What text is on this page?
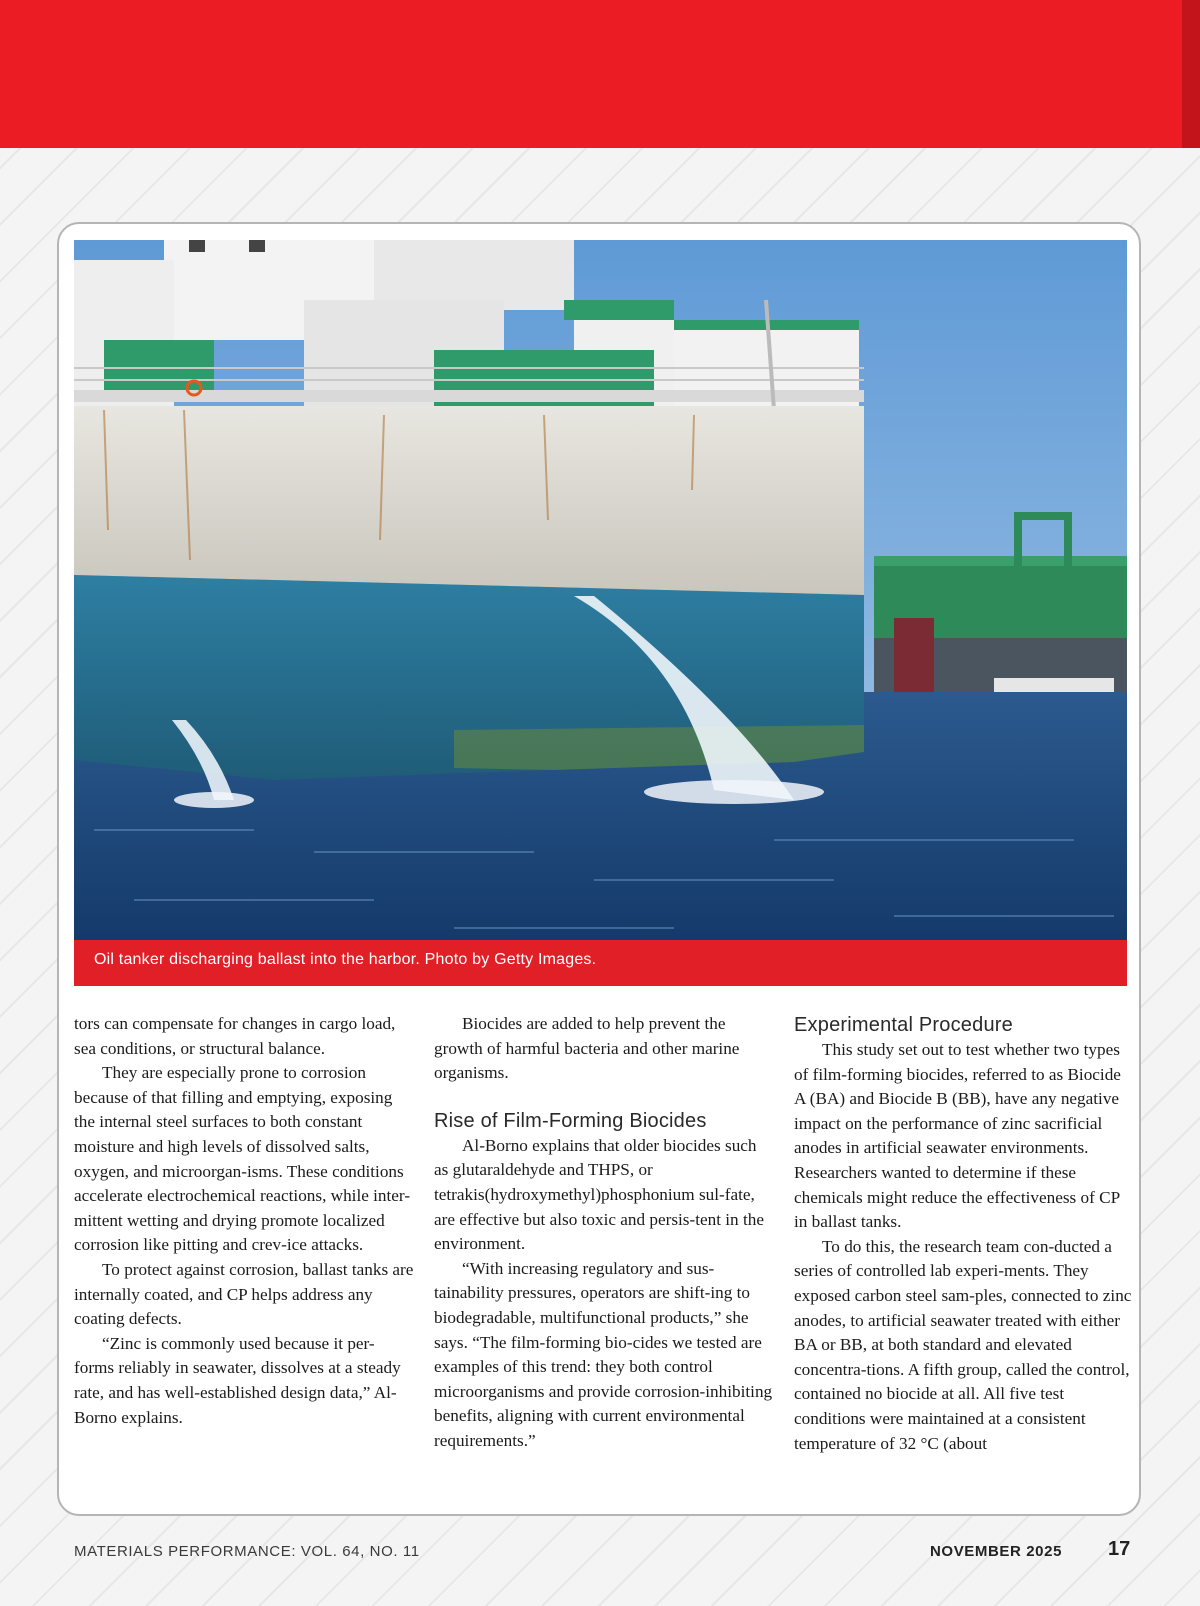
Oil tanker discharging ballast into the harbor. Photo by Getty Images.

tors can compensate for changes in cargo load, sea conditions, or structural balance.

They are especially prone to corrosion because of that filling and emptying, exposing the internal steel surfaces to both constant moisture and high levels of dissolved salts, oxygen, and microorgan-isms. These conditions accelerate electrochemical reactions, while inter-mittent wetting and drying promote localized corrosion like pitting and crev-ice attacks.

To protect against corrosion, ballast tanks are internally coated, and CP helps address any coating defects.

“Zinc is commonly used because it per-forms reliably in seawater, dissolves at a steady rate, and has well-established design data,” Al-Borno explains.

Biocides are added to help prevent the growth of harmful bacteria and other marine organisms.

Rise of Film-Forming Biocides

Al-Borno explains that older biocides such as glutaraldehyde and THPS, or tetrakis(hydroxymethyl)phosphonium sul-fate, are effective but also toxic and persis-tent in the environment.

“With increasing regulatory and sus-tainability pressures, operators are shift-ing to biodegradable, multifunctional products,” she says. “The film-forming bio-cides we tested are examples of this trend: they both control microorganisms and provide corrosion-inhibiting benefits, aligning with current environmental requirements.”

Experimental Procedure

This study set out to test whether two types of film-forming biocides, referred to as Biocide A (BA) and Biocide B (BB), have any negative impact on the performance of zinc sacrificial anodes in artificial seawater environments. Researchers wanted to determine if these chemicals might reduce the effectiveness of CP in ballast tanks.

To do this, the research team con-ducted a series of controlled lab experi-ments. They exposed carbon steel sam-ples, connected to zinc anodes, to artificial seawater treated with either BA or BB, at both standard and elevated concentra-tions. A fifth group, called the control, contained no biocide at all. All five test conditions were maintained at a consistent temperature of 32 °C (about

MATERIALS PERFORMANCE: VOL. 64, NO. 11	NOVEMBER 2025 17
